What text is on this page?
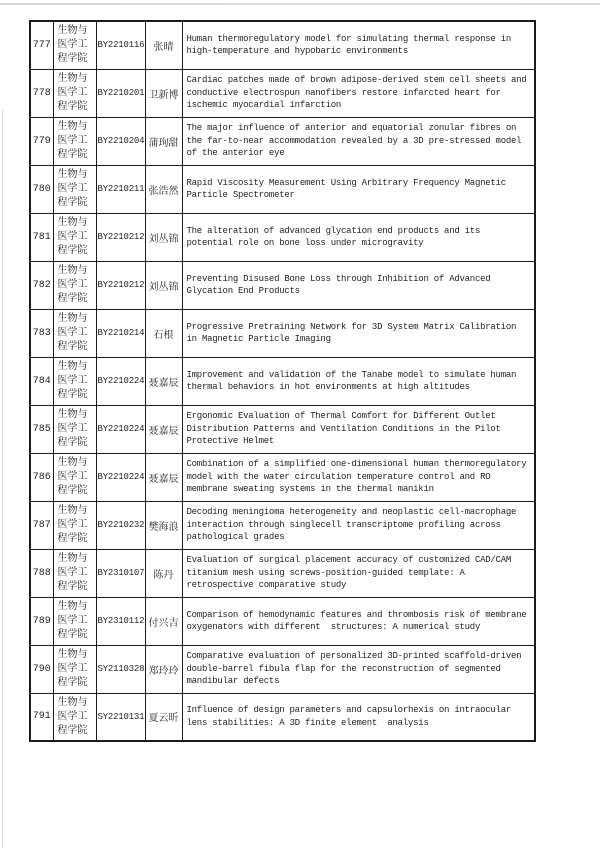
777	生物与医学工程学院	BY2210116	张晴	Human thermoregulatory model for simulating thermal response in high-temperature and hypobaric environments
778	生物与医学工程学院	BY2210201	卫新博	Cardiac patches made of brown adipose-derived stem cell sheets and conductive electrospun nanofibers restore infarcted heart for ischemic myocardial infarction
779	生物与医学工程学院	BY2210204	蒲珣甜	The major influence of anterior and equatorial zonular fibres on the far-to-near accommodation revealed by a 3D pre-stressed model of the anterior eye
780	生物与医学工程学院	BY2210211	张浩然	Rapid Viscosity Measurement Using Arbitrary Frequency Magnetic Particle Spectrometer
781	生物与医学工程学院	BY2210212	刘丛锦	The alteration of advanced glycation end products and its potential role on bone loss under microgravity
782	生物与医学工程学院	BY2210212	刘丛锦	Preventing Disused Bone Loss through Inhibition of Advanced Glycation End Products
783	生物与医学工程学院	BY2210214	石根	Progressive Pretraining Network for 3D System Matrix Calibration in Magnetic Particle Imaging
784	生物与医学工程学院	BY2210224	聂嘉辰	Improvement and validation of the Tanabe model to simulate human thermal behaviors in hot environments at high altitudes
785	生物与医学工程学院	BY2210224	聂嘉辰	Ergonomic Evaluation of Thermal Comfort for Different Outlet Distribution Patterns and Ventilation Conditions in the Pilot Protective Helmet
786	生物与医学工程学院	BY2210224	聂嘉辰	Combination of a simplified one-dimensional human thermoregulatory model with the water circulation temperature control and RO membrane sweating systems in the thermal manikin
787	生物与医学工程学院	BY2210232	樊海浪	Decoding meningioma heterogeneity and neoplastic cell-macrophage interaction through singlecell transcriptome profiling across pathological grades
788	生物与医学工程学院	BY2310107	陈丹	Evaluation of surgical placement accuracy of customized CAD/CAM titanium mesh using screws-position-guided template: A retrospective comparative study
789	生物与医学工程学院	BY2310112	付兴吉	Comparison of hemodynamic features and thrombosis risk of membrane oxygenators with different  structures: A numerical study
790	生物与医学工程学院	SY2110328	郑玲玲	Comparative evaluation of personalized 3D-printed scaffold-driven double-barrel fibula flap for the reconstruction of segmented mandibular defects
791	生物与医学工程学院	SY2210131	夏云昕	Influence of design parameters and capsulorhexis on intraocular lens stabilities: A 3D finite element  analysis
